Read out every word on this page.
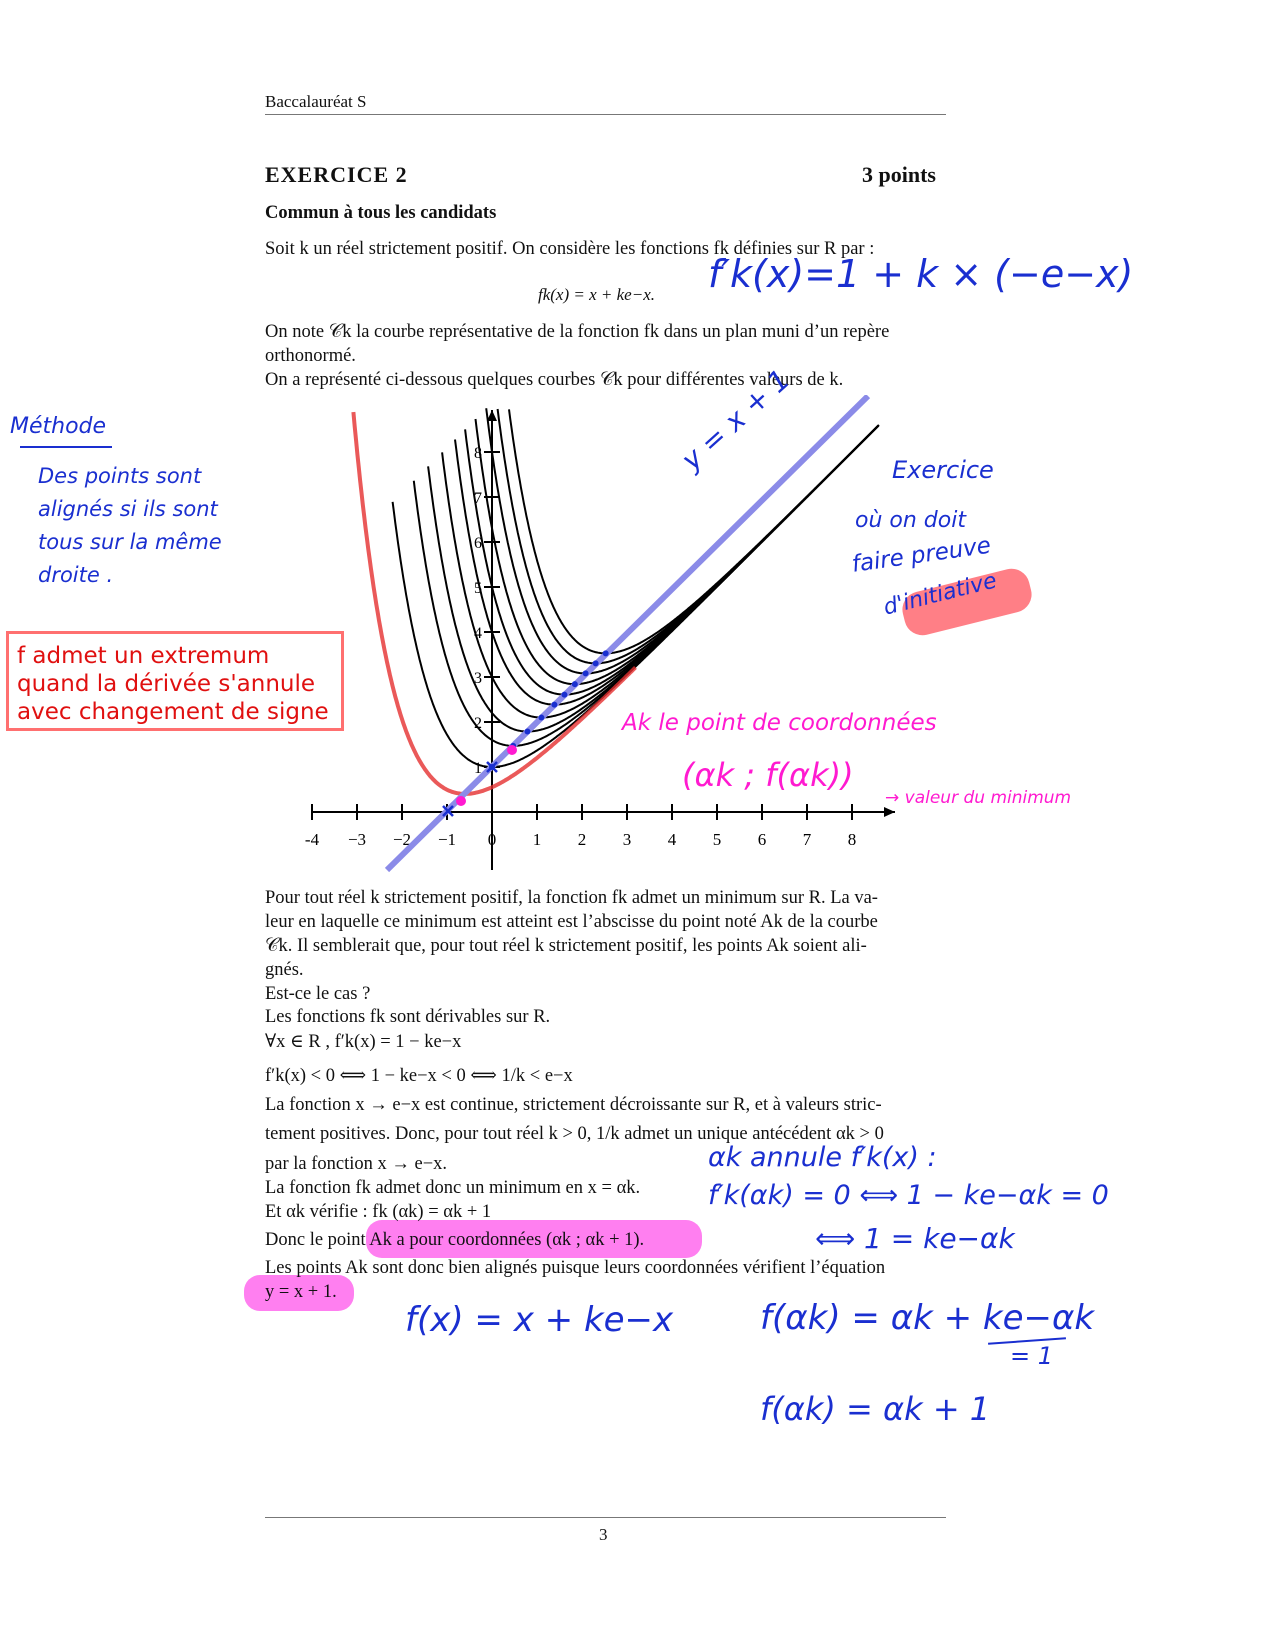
Baccalauréat S
EXERCICE 2	3 points
Commun à tous les candidats
Soit k un réel strictement positif. On considère les fonctions fk définies sur R par :
fk(x) = x + ke−x.
On note 𝒞k la courbe représentative de la fonction fk dans un plan muni d’un repère
orthonormé.
On a représenté ci-dessous quelques courbes 𝒞k pour différentes valeurs de k.
-4 −3 −2 −1 0 1 2 3 4 5 6 7 8
1
2
3
4
5
6
7
8
Pour tout réel k strictement positif, la fonction fk admet un minimum sur R. La va-
leur en laquelle ce minimum est atteint est l’abscisse du point noté Ak de la courbe
𝒞k. Il semblerait que, pour tout réel k strictement positif, les points Ak soient ali-
gnés.
Est-ce le cas ?
Les fonctions fk sont dérivables sur R.
∀x ∈ R , f′k(x) = 1 − ke−x
f′k(x) < 0 ⟺ 1 − ke−x < 0 ⟺ 1/k < e−x
La fonction x → e−x est continue, strictement décroissante sur R, et à valeurs stric-
tement positives. Donc, pour tout réel k > 0, 1/k admet un unique antécédent αk > 0
par la fonction x → e−x.
La fonction fk admet donc un minimum en x = αk.
Et αk vérifie : fk (αk) = αk + 1
Donc le point Ak a pour coordonnées (αk ; αk + 1).
Les points Ak sont donc bien alignés puisque leurs coordonnées vérifient l’équation
y = x + 1.
3
Méthode
Des points sont
alignés si ils sont
tous sur la même
droite .
f admet un extremum
quand la dérivée s'annule
avec changement de signe
f′k(x)=1 + k × (−e−x)
y = x + 1	Exercice
où on doit
faire preuve
d'initiative
Ak le point de coordonnées
(αk ; f(αk))
→ valeur du minimum
αk annule f′k(x) :
f′k(αk) = 0 ⟺ 1 − ke−αk = 0
⟺ 1 = ke−αk
f(x) = x + ke−x	f(αk) = αk + ke−αk
= 1
f(αk) = αk + 1
